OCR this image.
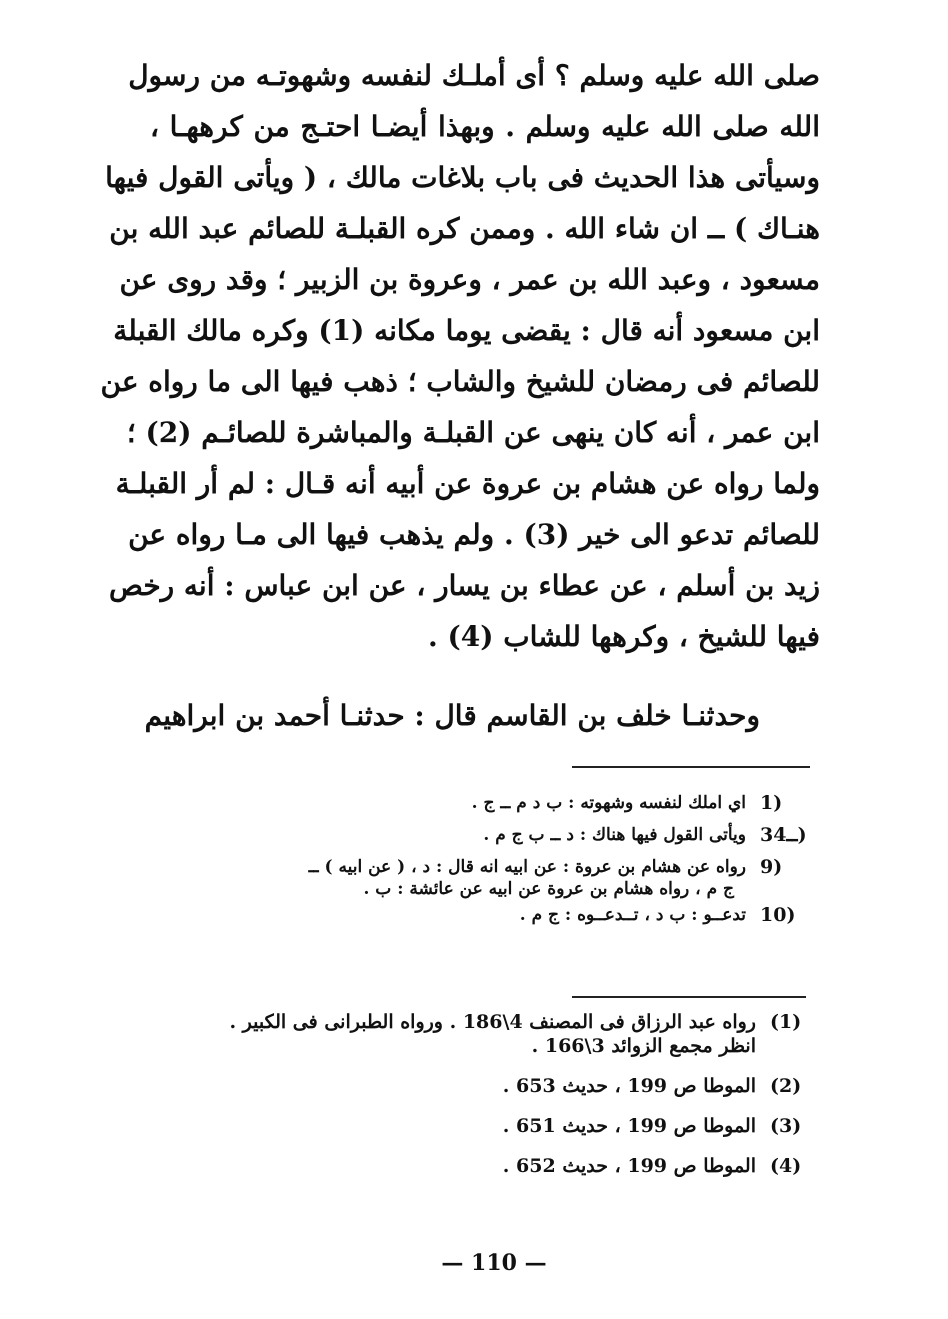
صلى الله عليه وسلم ؟ أى أملـك لنفسه وشهوتـه من رسول
الله صلى الله عليه وسلم . وبهذا أيضـا احتـج من كرههـا ،
وسيأتى هذا الحديث فى باب بلاغات مالك ، ( ويأتى القول فيها
هنـاك ) ــ ان شاء الله . وممن كره القبلـة للصائم عبد الله بن
مسعود ، وعبد الله بن عمر ، وعروة بن الزبير ؛ وقد روى عن
ابن مسعود أنه قال : يقضى يوما مكانه (1) وكره مالك القبلة
للصائم فى رمضان للشيخ والشاب ؛ ذهب فيها الى ما رواه عن
ابن عمر ، أنه كان ينهى عن القبلـة والمباشرة للصائـم (2) ؛
ولما رواه عن هشام بن عروة عن أبيه أنه قـال : لم أر القبلـة
للصائم تدعو الى خير (3) . ولم يذهب فيها الى مـا رواه عن
زيد بن أسلم ، عن عطاء بن يسار ، عن ابن عباس : أنه رخص
فيها للشيخ ، وكرهها للشاب (4) .
وحدثنـا خلف بن القاسم قال : حدثنـا أحمد بن ابراهيم
1)
اي املك لنفسه وشهوته : ب د م ــ ج .
3ــ4)
ويأتى القول فيها هناك : د ــ ب ج م .
9)
رواه عن هشام بن عروة : عن ابيه انه قال : د ، ( عن ابيه ) ــ
ج م ، رواه هشام بن عروة عن ابيه عن عائشة : ب .
10)
تدعــو : ب د ، تــدعــوه : ج م .
(1)
رواه عبد الرزاق فى المصنف 4\186 . ورواه الطبرانى فى الكبير .
انظر مجمع الزوائد 3\166 .
(2)
الموطا ص 199 ، حديث 653 .
(3)
الموطا ص 199 ، حديث 651 .
(4)
الموطا ص 199 ، حديث 652 .
— 110 —
